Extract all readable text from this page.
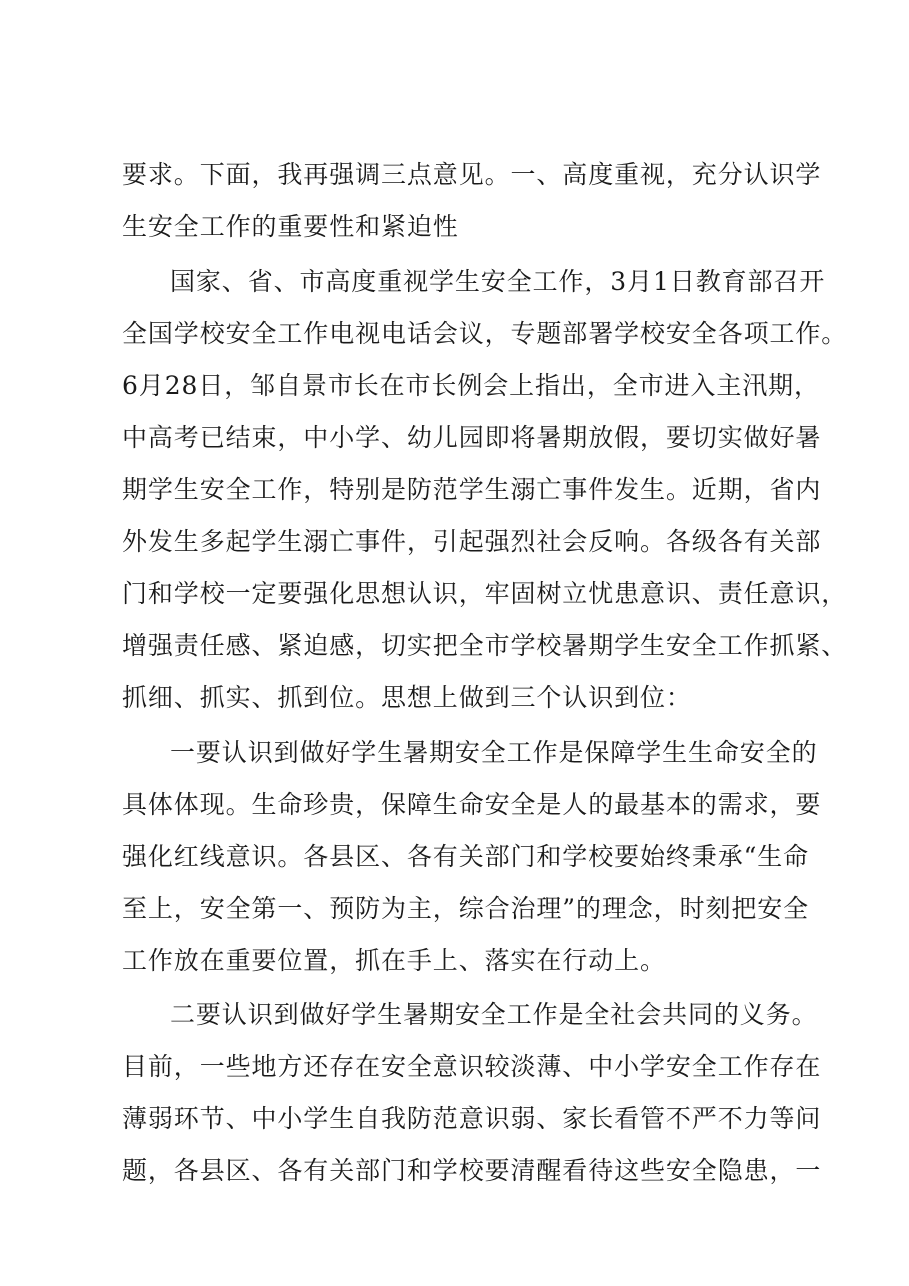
要求。下面，我再强调三点意见。一、高度重视，充分认识学
生安全工作的重要性和紧迫性
国家、省、市高度重视学生安全工作，3月1日教育部召开
全国学校安全工作电视电话会议，专题部署学校安全各项工作。
6月28日，邹自景市长在市长例会上指出，全市进入主汛期，
中高考已结束，中小学、幼儿园即将暑期放假，要切实做好暑
期学生安全工作，特别是防范学生溺亡事件发生。近期，省内
外发生多起学生溺亡事件，引起强烈社会反响。各级各有关部
门和学校一定要强化思想认识，牢固树立忧患意识、责任意识，
增强责任感、紧迫感，切实把全市学校暑期学生安全工作抓紧、
抓细、抓实、抓到位。思想上做到三个认识到位：
一要认识到做好学生暑期安全工作是保障学生生命安全的
具体体现。生命珍贵，保障生命安全是人的最基本的需求，要
强化红线意识。各县区、各有关部门和学校要始终秉承“生命
至上，安全第一、预防为主，综合治理”的理念，时刻把安全
工作放在重要位置，抓在手上、落实在行动上。
二要认识到做好学生暑期安全工作是全社会共同的义务。
目前，一些地方还存在安全意识较淡薄、中小学安全工作存在
薄弱环节、中小学生自我防范意识弱、家长看管不严不力等问
题，各县区、各有关部门和学校要清醒看待这些安全隐患，一
